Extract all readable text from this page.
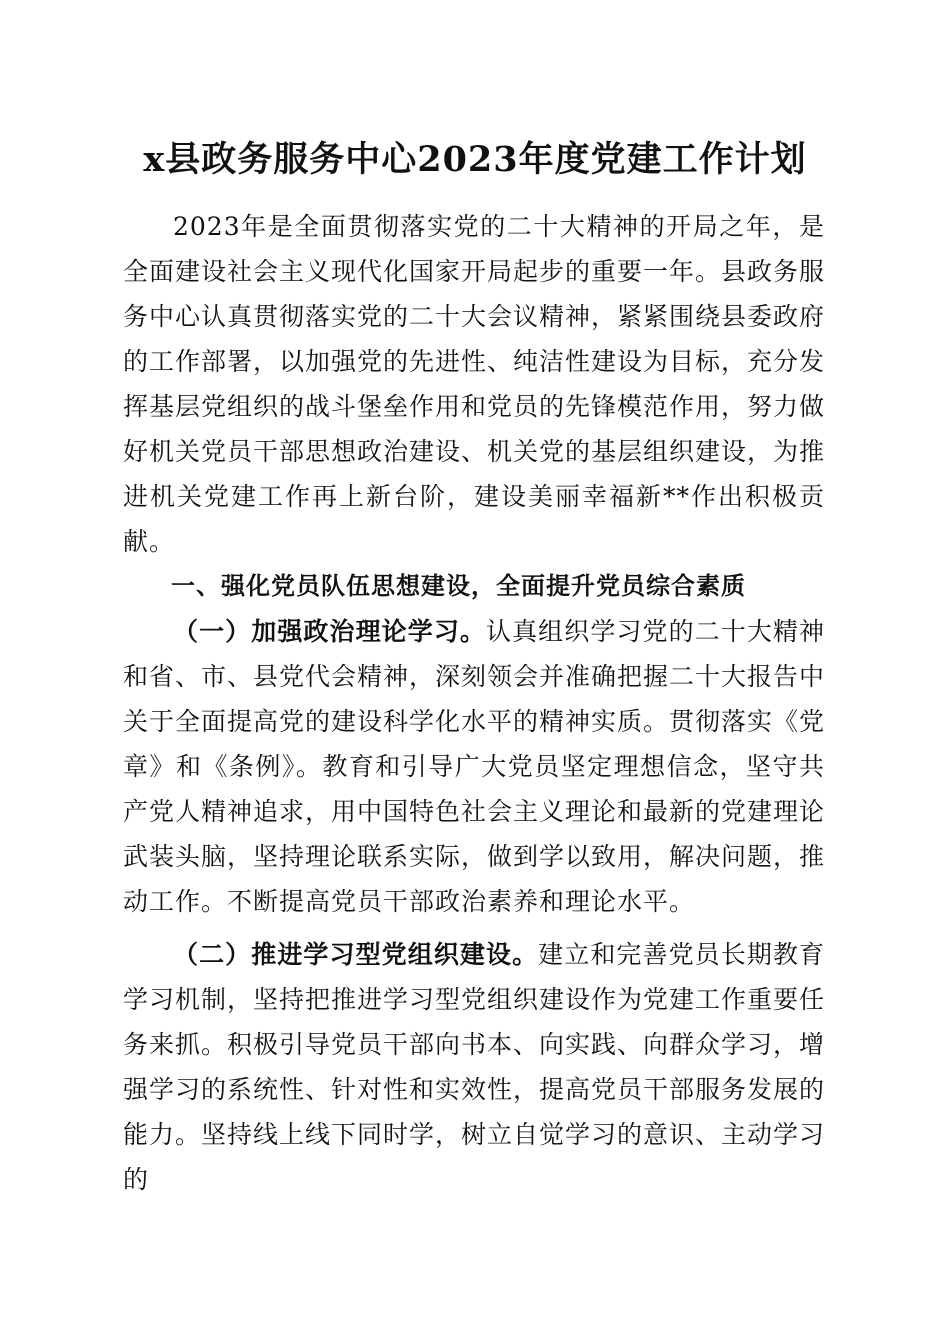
x县政务服务中心2023年度党建工作计划

2023年是全面贯彻落实党的二十大精神的开局之年，是全面建设社会主义现代化国家开局起步的重要一年。县政务服务中心认真贯彻落实党的二十大会议精神，紧紧围绕县委政府的工作部署，以加强党的先进性、纯洁性建设为目标，充分发挥基层党组织的战斗堡垒作用和党员的先锋模范作用，努力做好机关党员干部思想政治建设、机关党的基层组织建设，为推进机关党建工作再上新台阶，建设美丽幸福新**作出积极贡献。

一、强化党员队伍思想建设，全面提升党员综合素质

（一）加强政治理论学习。认真组织学习党的二十大精神和省、市、县党代会精神，深刻领会并准确把握二十大报告中关于全面提高党的建设科学化水平的精神实质。贯彻落实《党章》和《条例》。教育和引导广大党员坚定理想信念，坚守共产党人精神追求，用中国特色社会主义理论和最新的党建理论武装头脑，坚持理论联系实际，做到学以致用，解决问题，推动工作。不断提高党员干部政治素养和理论水平。

（二）推进学习型党组织建设。建立和完善党员长期教育学习机制，坚持把推进学习型党组织建设作为党建工作重要任务来抓。积极引导党员干部向书本、向实践、向群众学习，增强学习的系统性、针对性和实效性，提高党员干部服务发展的能力。坚持线上线下同时学，树立自觉学习的意识、主动学习的
